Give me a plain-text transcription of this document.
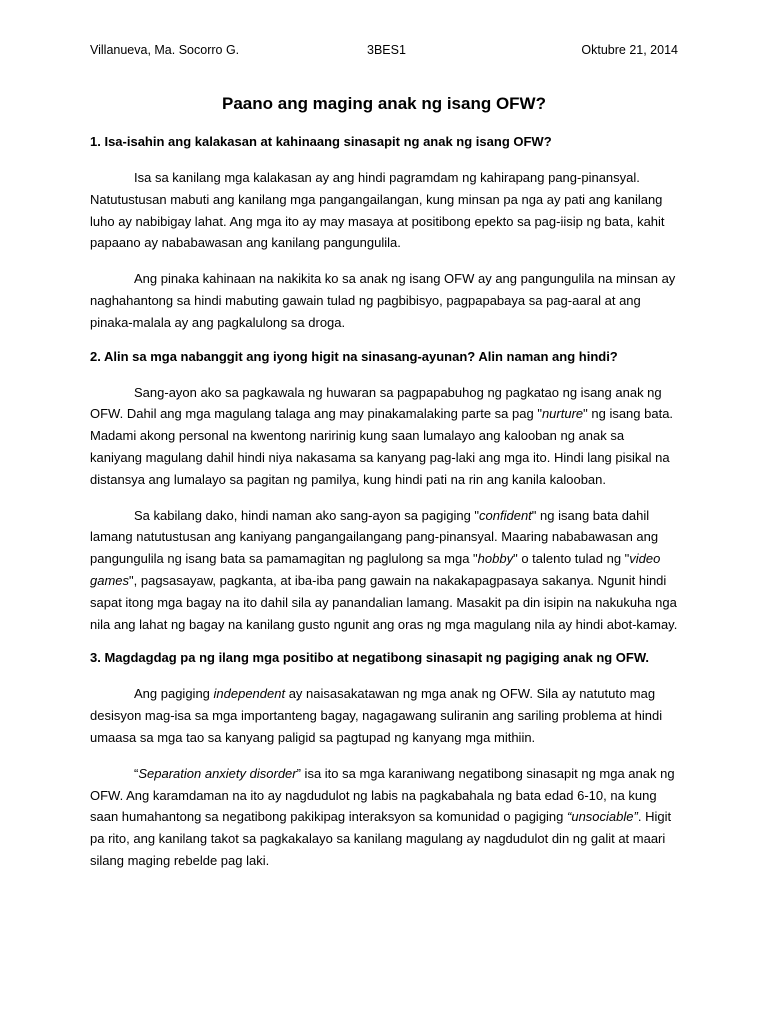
Villanueva, Ma. Socorro G.	3BES1	Oktubre 21, 2014
Paano ang maging anak ng isang OFW?
1. Isa-isahin ang kalakasan at kahinaang sinasapit ng anak ng isang OFW?

Isa sa kanilang mga kalakasan ay ang hindi pagramdam ng kahirapang pang-pinansyal. Natutustusan mabuti ang kanilang mga pangangailangan, kung minsan pa nga ay pati ang kanilang luho ay nabibigay lahat. Ang mga ito ay may masaya at positibong epekto sa pag-iisip ng bata, kahit papaano ay nababawasan ang kanilang pangungulila.

Ang pinaka kahinaan na nakikita ko sa anak ng isang OFW ay ang pangungulila na minsan ay naghahantong sa hindi mabuting gawain tulad ng pagbibisyo, pagpapabaya sa pag-aaral at ang pinaka-malala ay ang pagkalulong sa droga.

2. Alin sa mga nabanggit ang iyong higit na sinasang-ayunan? Alin naman ang hindi?

Sang-ayon ako sa pagkawala ng huwaran sa pagpapabuhog ng pagkatao ng isang anak ng OFW. Dahil ang mga magulang talaga ang may pinakamalaking parte sa pag "nurture" ng isang bata. Madami akong personal na kwentong naririnig kung saan lumalayo ang kalooban ng anak sa kaniyang magulang dahil hindi niya nakasama sa kanyang pag-laki ang mga ito. Hindi lang pisikal na distansya ang lumalayo sa pagitan ng pamilya, kung hindi pati na rin ang kanila kalooban.

Sa kabilang dako, hindi naman ako sang-ayon sa pagiging "confident" ng isang bata dahil lamang natutustusan ang kaniyang pangangailangang pang-pinansyal. Maaring nababawasan ang pangungulila ng isang bata sa pamamagitan ng paglulong sa mga "hobby" o talento tulad ng "video games", pagsasayaw, pagkanta, at iba-iba pang gawain na nakakapagpasaya sakanya. Ngunit hindi sapat itong mga bagay na ito dahil sila ay panandalian lamang. Masakit pa din isipin na nakukuha nga nila ang lahat ng bagay na kanilang gusto ngunit ang oras ng mga magulang nila ay hindi abot-kamay.

3. Magdagdag pa ng ilang mga positibo at negatibong sinasapit ng pagiging anak ng OFW.

Ang pagiging independent ay naisasakatawan ng mga anak ng OFW. Sila ay natututo mag desisyon mag-isa sa mga importanteng bagay, nagagawang suliranin ang sariling problema at hindi umaasa sa mga tao sa kanyang paligid sa pagtupad ng kanyang mga mithiin.

“Separation anxiety disorder” isa ito sa mga karaniwang negatibong sinasapit ng mga anak ng OFW. Ang karamdaman na ito ay nagdudulot ng labis na pagkabahala ng bata edad 6-10, na kung saan humahantong sa negatibong pakikipag interaksyon sa komunidad o pagiging “unsociable”. Higit pa rito, ang kanilang takot sa pagkakalayo sa kanilang magulang ay nagdudulot din ng galit at maari silang maging rebelde pag laki.
